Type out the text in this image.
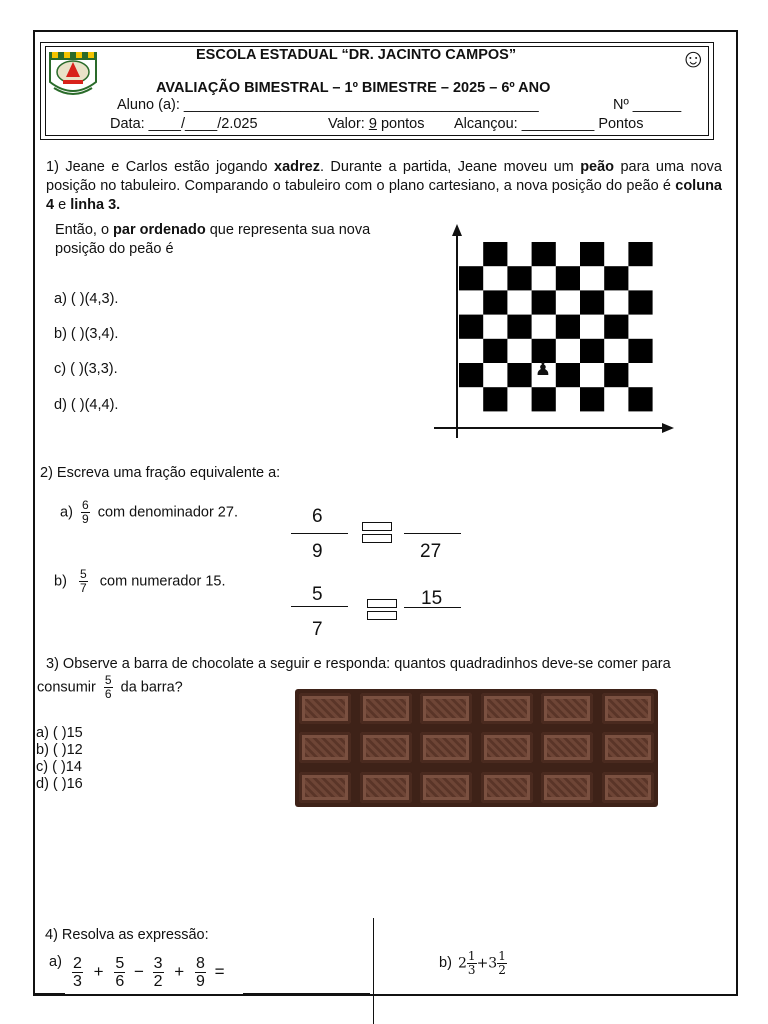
ESCOLA ESTADUAL “DR. JACINTO CAMPOS”	☺
AVALIAÇÃO BIMESTRAL – 1º BIMESTRE – 2025 – 6º ANO
Aluno (a): ____________________________________________	Nº ______
Data: ____/____/2.025	Valor: 9 pontos Alcançou: _________ Pontos
1) Jeane e Carlos estão jogando xadrez. Durante a partida, Jeane moveu um peão para uma nova posição no tabuleiro. Comparando o tabuleiro com o plano cartesiano, a nova posição do peão é coluna 4 e linha 3.
Então, o par ordenado que representa sua nova posição do peão é
a) ( )(4,3).
b) ( )(3,4).
c) ( )(3,3).
d) ( )(4,4).
♟
2) Escreva uma fração equivalente a:
$a) \frac{6}{9}$ com denominador 27.
$b) \frac{5}{7}$ com numerador 15.
6
9	27
5
7
15
3) Observe a barra de chocolate a seguir e responda: quantos quadradinhos deve-se comer para
consumir $\frac{5}{6}$ da barra?
a) ( )15
b) ( )12
c) ( )14
d) ( )16
4) Resolva as expressão:
$a) \frac{2}{3} + \frac{5}{6} - \frac{3}{2} + \frac{8}{9}$ =	b) $2 \frac{1}{3} +3 \frac{1}{2}$
